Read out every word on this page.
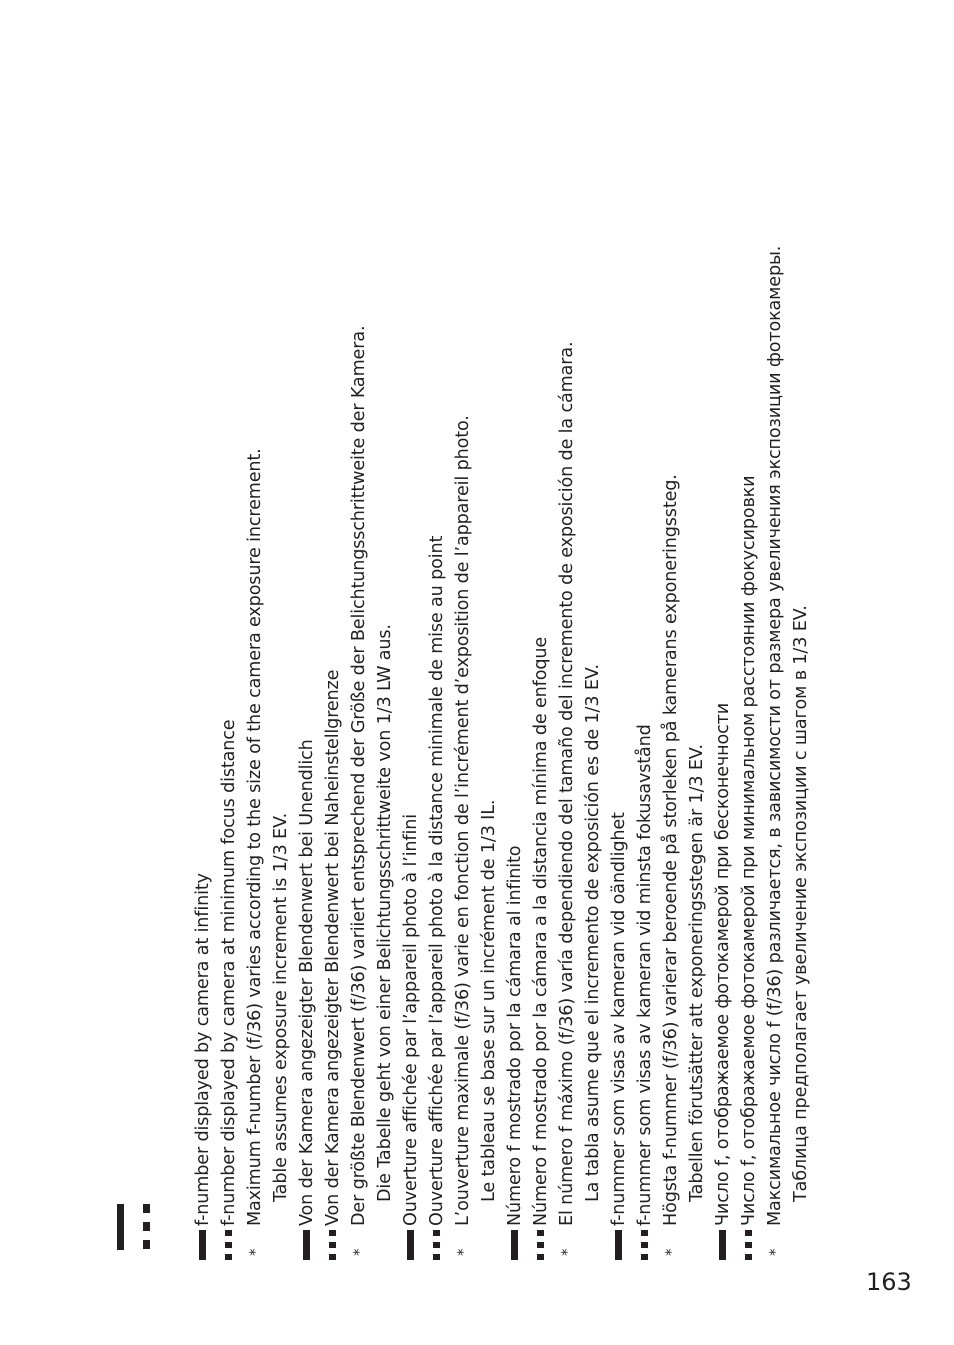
f-number displayed by camera at infinity f-number displayed by camera at minimum focus distance
*
Maximum f-number (f/36) varies according to the size of the camera exposure increment. Table assumes exposure increment is 1/3 EV. Von der Kamera angezeigter Blendenwert bei Unendlich Von der Kamera angezeigter Blendenwert bei Naheinstellgrenze
*
Der größte Blendenwert (f/36) variiert entsprechend der Größe der Belichtungsschrittweite der Kamera. Die Tabelle geht von einer Belichtungsschrittweite von 1/3 LW aus. Ouverture affichée par l’appareil photo à l’infini Ouverture affichée par l’appareil photo à la distance minimale de mise au point
*
L’ouverture maximale (f/36) varie en fonction de l’incrément d’exposition de l’appareil photo. Le tableau se base sur un incrément de 1/3 IL. Número f mostrado por la cámara al infinito Número f mostrado por la cámara a la distancia mínima de enfoque
*
El número f máximo (f/36) varía dependiendo del tamaño del incremento de exposición de la cámara. La tabla asume que el incremento de exposición es de 1/3 EV. f-nummer som visas av kameran vid oändlighet f-nummer som visas av kameran vid minsta fokusavstånd
*
Högsta f-nummer (f/36) varierar beroende på storleken på kamerans exponeringssteg. Tabellen förutsätter att exponeringsstegen är 1/3 EV. Число f, отображаемое фотокамерой при бесконечности Число f, отображаемое фотокамерой при минимальном расстоянии фокусировки
*
Максимальное число f (f/36) различается, в зависимости от размера увеличения экспозиции фотокамеры. Таблица предполагает увеличение экспозиции с шагом в 1/3 EV.
163
